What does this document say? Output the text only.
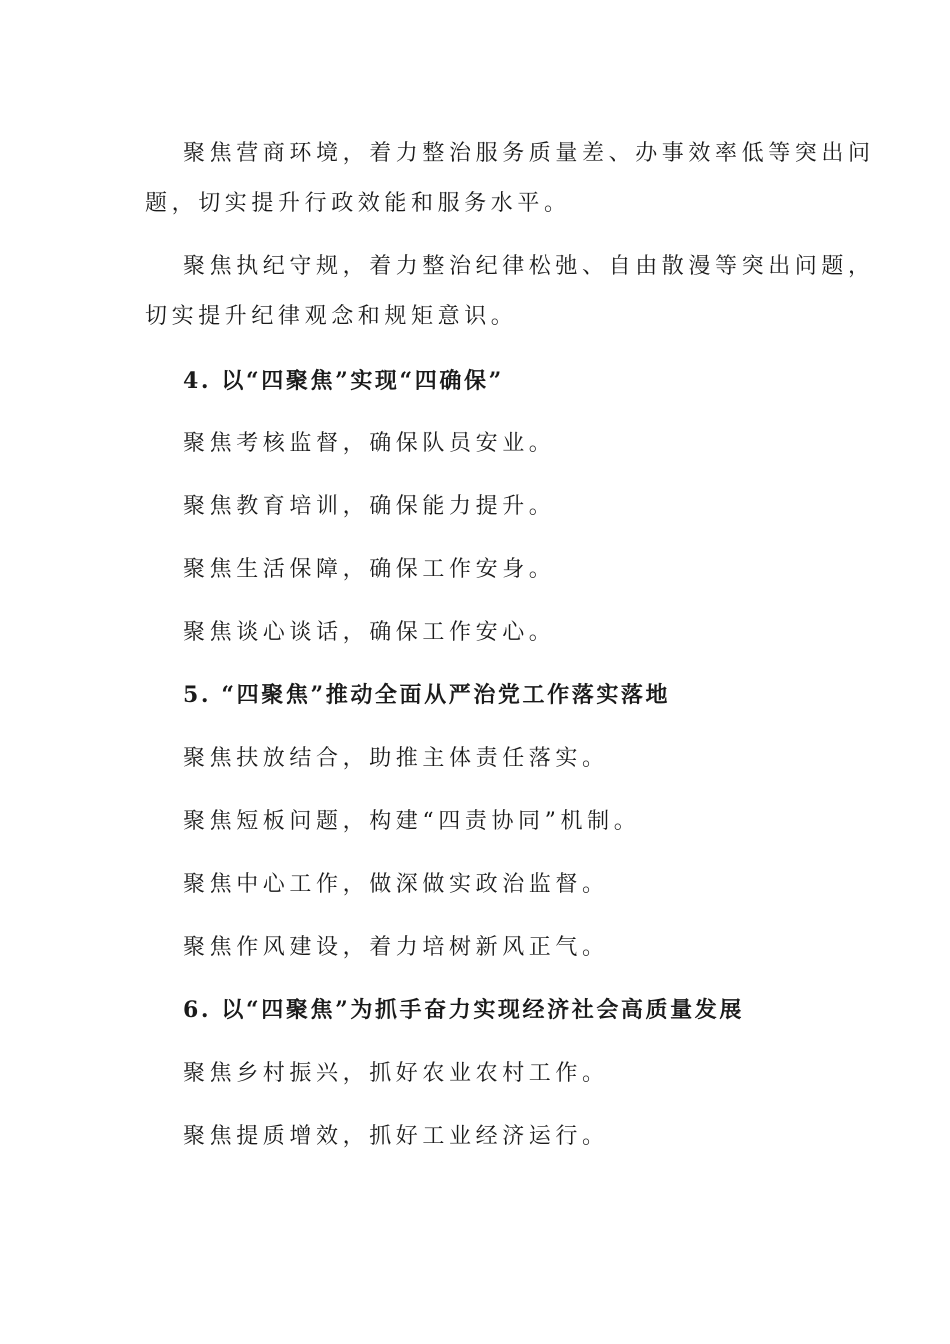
聚焦营商环境，着力整治服务质量差、办事效率低等突出问
题，切实提升行政效能和服务水平。
聚焦执纪守规，着力整治纪律松弛、自由散漫等突出问题，
切实提升纪律观念和规矩意识。
4. 以“四聚焦”实现“四确保”
聚焦考核监督，确保队员安业。
聚焦教育培训，确保能力提升。
聚焦生活保障，确保工作安身。
聚焦谈心谈话，确保工作安心。
5. “四聚焦”推动全面从严治党工作落实落地
聚焦扶放结合，助推主体责任落实。
聚焦短板问题，构建“四责协同”机制。
聚焦中心工作，做深做实政治监督。
聚焦作风建设，着力培树新风正气。
6. 以“四聚焦”为抓手奋力实现经济社会高质量发展
聚焦乡村振兴，抓好农业农村工作。
聚焦提质增效，抓好工业经济运行。
